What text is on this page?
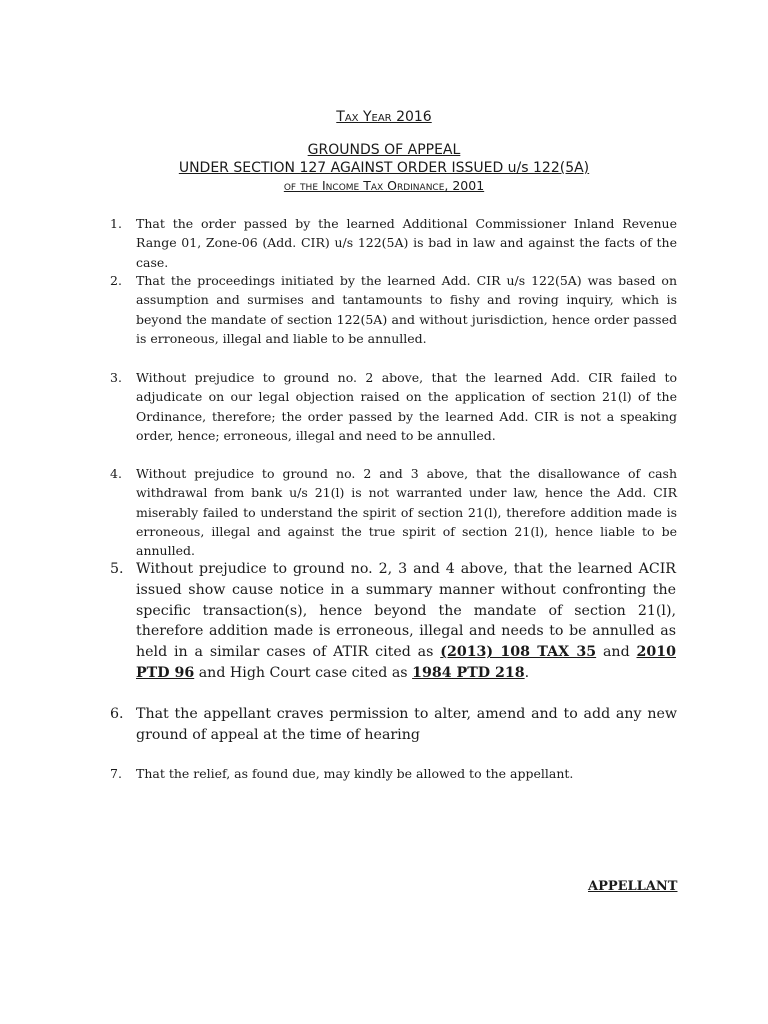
Tax Year 2016
GROUNDS OF APPEAL
UNDER SECTION 127 AGAINST ORDER ISSUED u/s 122(5A)
of the Income Tax Ordinance, 2001
1. That the order passed by the learned Additional Commissioner Inland Revenue Range 01, Zone-06 (Add. CIR) u/s 122(5A) is bad in law and against the facts of the case.
2. That the proceedings initiated by the learned Add. CIR u/s 122(5A) was based on assumption and surmises and tantamounts to fishy and roving inquiry, which is beyond the mandate of section 122(5A) and without jurisdiction, hence order passed is erroneous, illegal and liable to be annulled.
3. Without prejudice to ground no. 2 above, that the learned Add. CIR failed to adjudicate on our legal objection raised on the application of section 21(l) of the Ordinance, therefore; the order passed by the learned Add. CIR is not a speaking order, hence; erroneous, illegal and need to be annulled.
4. Without prejudice to ground no. 2 and 3 above, that the disallowance of cash withdrawal from bank u/s 21(l) is not warranted under law, hence the Add. CIR miserably failed to understand the spirit of section 21(l), therefore addition made is erroneous, illegal and against the true spirit of section 21(l), hence liable to be annulled.
5. Without prejudice to ground no. 2, 3 and 4 above, that the learned ACIR issued show cause notice in a summary manner without confronting the specific transaction(s), hence beyond the mandate of section 21(l), therefore addition made is erroneous, illegal and needs to be annulled as held in a similar cases of ATIR cited as (2013) 108 TAX 35 and 2010 PTD 96 and High Court case cited as 1984 PTD 218.
6. That the appellant craves permission to alter, amend and to add any new ground of appeal at the time of hearing
7. That the relief, as found due, may kindly be allowed to the appellant.
APPELLANT
